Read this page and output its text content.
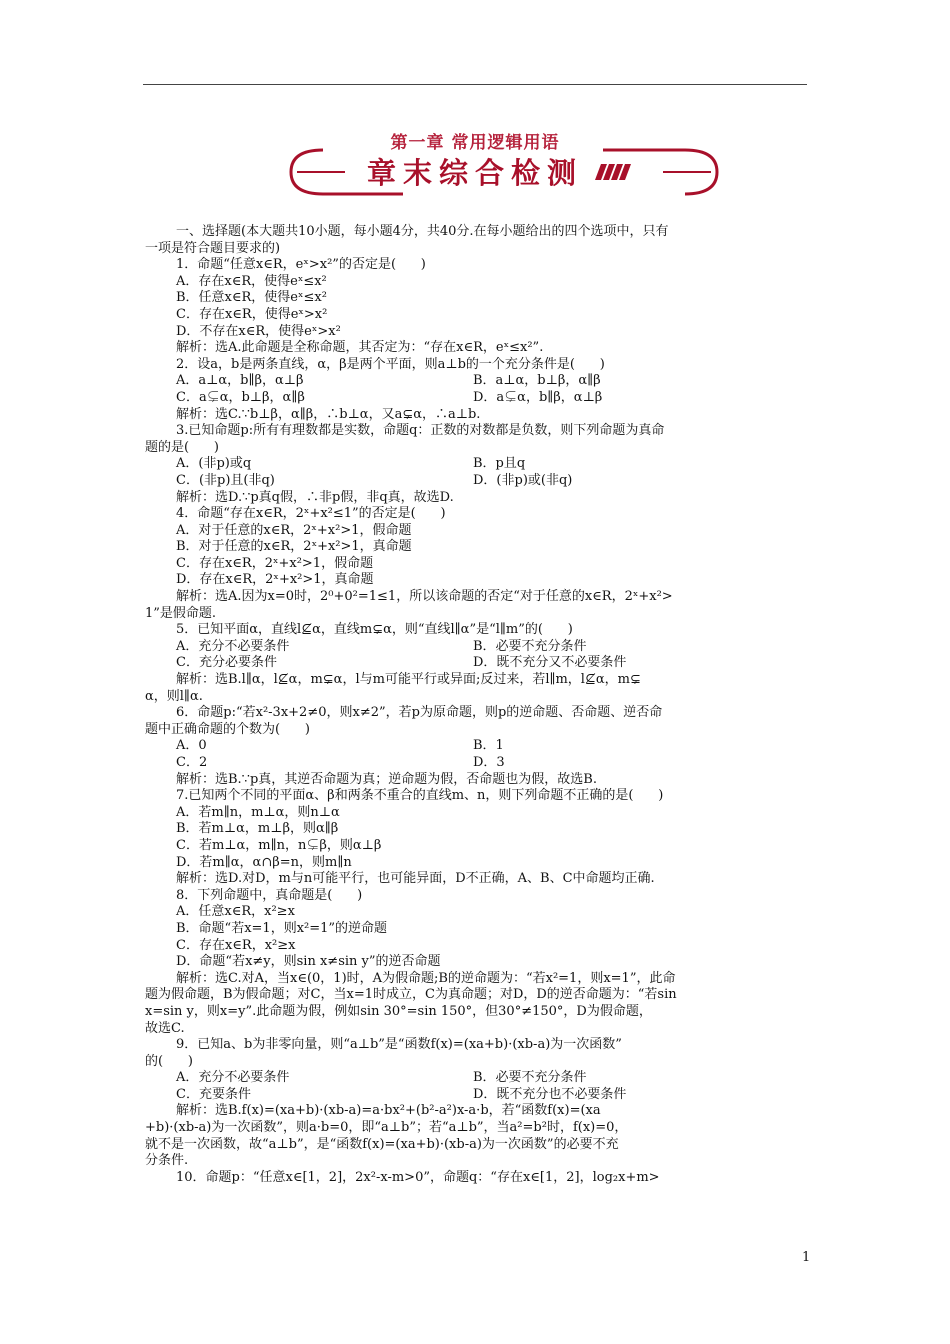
第一章 常用逻辑用语
章末综合检测

一、选择题(本大题共10小题，每小题4分，共40分.在每小题给出的四个选项中，只有

一项是符合题目要求的)

1．命题“任意x∈R，eˣ>x²”的否定是(      )

A．存在x∈R，使得eˣ≤x²

B．任意x∈R，使得eˣ≤x²

C．存在x∈R，使得eˣ>x²

D．不存在x∈R，使得eˣ>x²

解析：选A.此命题是全称命题，其否定为：“存在x∈R，eˣ≤x²”.

2．设a，b是两条直线，α，β是两个平面，则a⊥b的一个充分条件是(      )

A．a⊥α，b∥β，α⊥β	B．a⊥α，b⊥β，α∥β
C．a⊊α，b⊥β，α∥β	D．a⊊α，b∥β，α⊥β

解析：选C.∵b⊥β，α∥β，∴b⊥α，又a⊊α，∴a⊥b.

3.已知命题p:所有有理数都是实数，命题q：正数的对数都是负数，则下列命题为真命

题的是(      )

A．(非p)或q	B．p且q
C．(非p)且(非q)	D．(非p)或(非q)

解析：选D.∵p真q假，∴非p假，非q真，故选D.

4．命题“存在x∈R，2ˣ+x²≤1”的否定是(      )

A．对于任意的x∈R，2ˣ+x²>1，假命题

B．对于任意的x∈R，2ˣ+x²>1，真命题

C．存在x∈R，2ˣ+x²>1，假命题

D．存在x∈R，2ˣ+x²>1，真命题

解析：选A.因为x=0时，2⁰+0²=1≤1，所以该命题的否定“对于任意的x∈R，2ˣ+x²>

1”是假命题.

5．已知平面α，直线l⊈α，直线m⊊α，则“直线l∥α”是“l∥m”的(      )

A．充分不必要条件	B．必要不充分条件
C．充分必要条件	D．既不充分又不必要条件

解析：选B.l∥α，l⊈α，m⊊α，l与m可能平行或异面;反过来，若l∥m，l⊈α，m⊊

α，则l∥α.

6．命题p:“若x²-3x+2≠0，则x≠2”，若p为原命题，则p的逆命题、否命题、逆否命

题中正确命题的个数为(      )

A．0	B．1
C．2	D．3

解析：选B.∵p真，其逆否命题为真；逆命题为假，否命题也为假，故选B.

7.已知两个不同的平面α、β和两条不重合的直线m、n，则下列命题不正确的是(      )

A．若m∥n，m⊥α，则n⊥α

B．若m⊥α，m⊥β，则α∥β

C．若m⊥α，m∥n，n⊊β，则α⊥β

D．若m∥α，α∩β=n，则m∥n

解析：选D.对D，m与n可能平行，也可能异面，D不正确，A、B、C中命题均正确.

8．下列命题中，真命题是(      )

A．任意x∈R，x²≥x

B．命题“若x=1，则x²=1”的逆命题

C．存在x∈R，x²≥x

D．命题“若x≠y，则sin x≠sin y”的逆否命题

解析：选C.对A，当x∈(0，1)时，A为假命题;B的逆命题为：“若x²=1，则x=1”，此命

题为假命题，B为假命题；对C，当x=1时成立，C为真命题；对D，D的逆否命题为：“若sin

x=sin y，则x=y”.此命题为假，例如sin 30°=sin 150°，但30°≠150°，D为假命题，

故选C.

9．已知a、b为非零向量，则“a⊥b”是“函数f(x)=(xa+b)·(xb-a)为一次函数”

的(      )

A．充分不必要条件	B．必要不充分条件
C．充要条件	D．既不充分也不必要条件

解析：选B.f(x)=(xa+b)·(xb-a)=a·bx²+(b²-a²)x-a·b，若“函数f(x)=(xa

+b)·(xb-a)为一次函数”，则a·b=0，即“a⊥b”；若“a⊥b”，当a²=b²时，f(x)=0，

就不是一次函数，故“a⊥b”，是“函数f(x)=(xa+b)·(xb-a)为一次函数”的必要不充

分条件.

10．命题p：“任意x∈[1，2]，2x²-x-m>0”，命题q：“存在x∈[1，2]，log₂x+m>

1
